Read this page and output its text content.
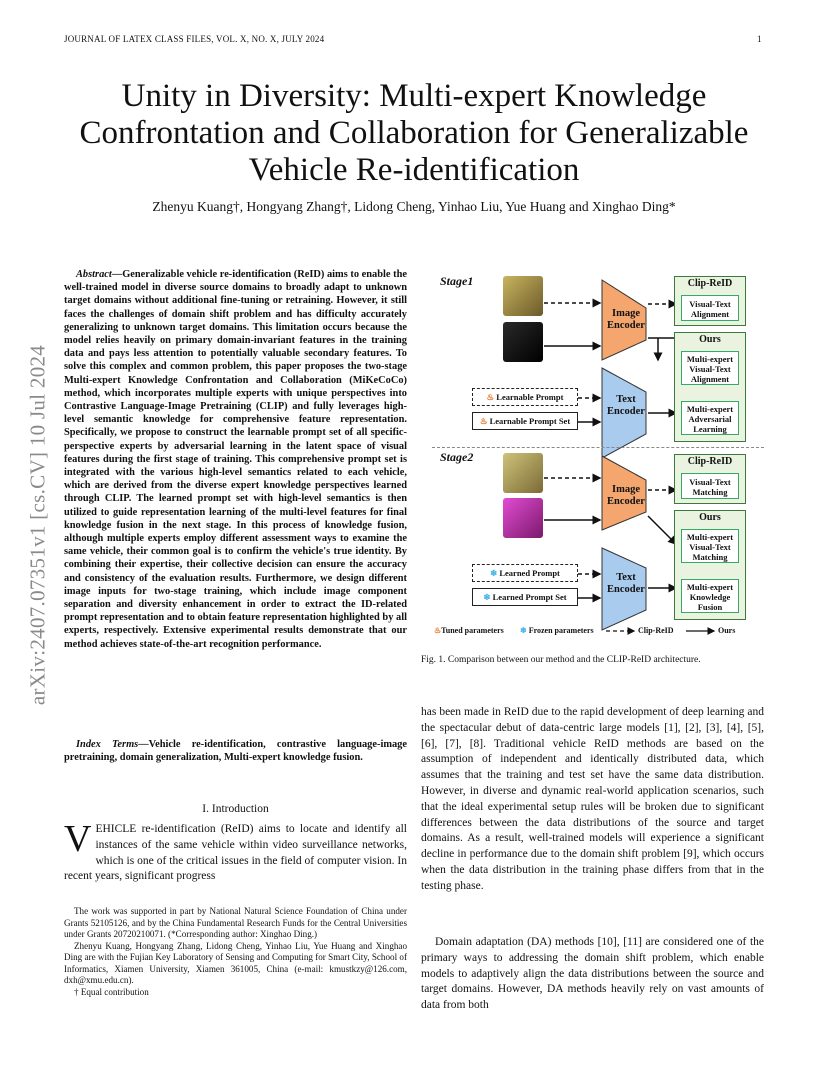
JOURNAL OF LATEX CLASS FILES, VOL. X, NO. X, JULY 2024	1
arXiv:2407.07351v1 [cs.CV] 10 Jul 2024
Unity in Diversity: Multi-expert Knowledge Confrontation and Collaboration for Generalizable Vehicle Re-identification
Zhenyu Kuang†, Hongyang Zhang†, Lidong Cheng, Yinhao Liu, Yue Huang and Xinghao Ding*
Abstract—Generalizable vehicle re-identification (ReID) aims to enable the well-trained model in diverse source domains to broadly adapt to unknown target domains without additional fine-tuning or retraining. However, it still faces the challenges of domain shift problem and has difficulty accurately generalizing to unknown target domains. This limitation occurs because the model relies heavily on primary domain-invariant features in the training data and pays less attention to potentially valuable secondary features. To solve this complex and common problem, this paper proposes the two-stage Multi-expert Knowledge Confrontation and Collaboration (MiKeCoCo) method, which incorporates multiple experts with unique perspectives into Contrastive Language-Image Pretraining (CLIP) and fully leverages high-level semantic knowledge for comprehensive feature representation. Specifically, we propose to construct the learnable prompt set of all specific-perspective experts by adversarial learning in the latent space of visual features during the first stage of training. This comprehensive prompt set is integrated with the various high-level semantics related to each vehicle, which are derived from the diverse expert knowledge perspectives learned through CLIP. The learned prompt set with high-level semantics is then utilized to guide representation learning of the multi-level features for final knowledge fusion in the next stage. In this process of knowledge fusion, although multiple experts employ different assessment ways to examine the same vehicle, their common goal is to confirm the vehicle's true identity. By combining their expertise, their collective decision can ensure the accuracy and consistency of the evaluation results. Furthermore, we design different image inputs for two-stage training, which include image component separation and diversity enhancement in order to extract the ID-related prompt representation and to obtain feature representation highlighted by all experts, respectively. Extensive experimental results demonstrate that our method achieves state-of-the-art recognition performance.
Index Terms—Vehicle re-identification, contrastive language-image pretraining, domain generalization, Multi-expert knowledge fusion.
I. Introduction
VEHICLE re-identification (ReID) aims to locate and identify all instances of the same vehicle within video surveillance networks, which is one of the critical issues in the field of computer vision. In recent years, significant progress

The work was supported in part by National Natural Science Foundation of China under Grants 52105126, and by the China Fundamental Research Funds for the Central Universities under Grants 20720210071. (*Corresponding author: Xinghao Ding.)

Zhenyu Kuang, Hongyang Zhang, Lidong Cheng, Yinhao Liu, Yue Huang and Xinghao Ding are with the Fujian Key Laboratory of Sensing and Computing for Smart City, School of Informatics, Xiamen University, Xiamen 361005, China (e-mail: kmustkzy@126.com, dxh@xmu.edu.cn).

† Equal contribution

Stage1
Stage2
Image Encoder
Text Encoder
Image Encoder
Text Encoder
♨ Learnable Prompt
♨ Learnable Prompt Set
❄ Learned Prompt
❄ Learned Prompt Set
Clip-ReID
Visual-Text Alignment
Ours
Multi-expert Visual-Text Alignment
Multi-expert Adversarial Learning
Clip-ReID
Visual-Text Matching
Ours
Multi-expert Visual-Text Matching
Multi-expert Knowledge Fusion
♨Tuned parameters ❄ Frozen parameters	Clip-ReID	Ours
Fig. 1. Comparison between our method and the CLIP-ReID architecture.
has been made in ReID due to the rapid development of deep learning and the spectacular debut of data-centric large models [1], [2], [3], [4], [5], [6], [7], [8]. Traditional vehicle ReID methods are based on the assumption of independent and identically distributed data, which assumes that the training and test set have the same data distribution. However, in diverse and dynamic real-world application scenarios, such that the ideal experimental setup rules will be broken due to significant differences between the data distributions of the source and target domains. As a result, well-trained models will experience a significant decline in performance due to the domain shift problem [9], which occurs when the data distribution in the training phase differs from that in the testing phase.
Domain adaptation (DA) methods [10], [11] are considered one of the primary ways to addressing the domain shift problem, which enable models to adaptively align the data distributions between the source and target domains. However, DA methods heavily rely on vast amounts of data from both
